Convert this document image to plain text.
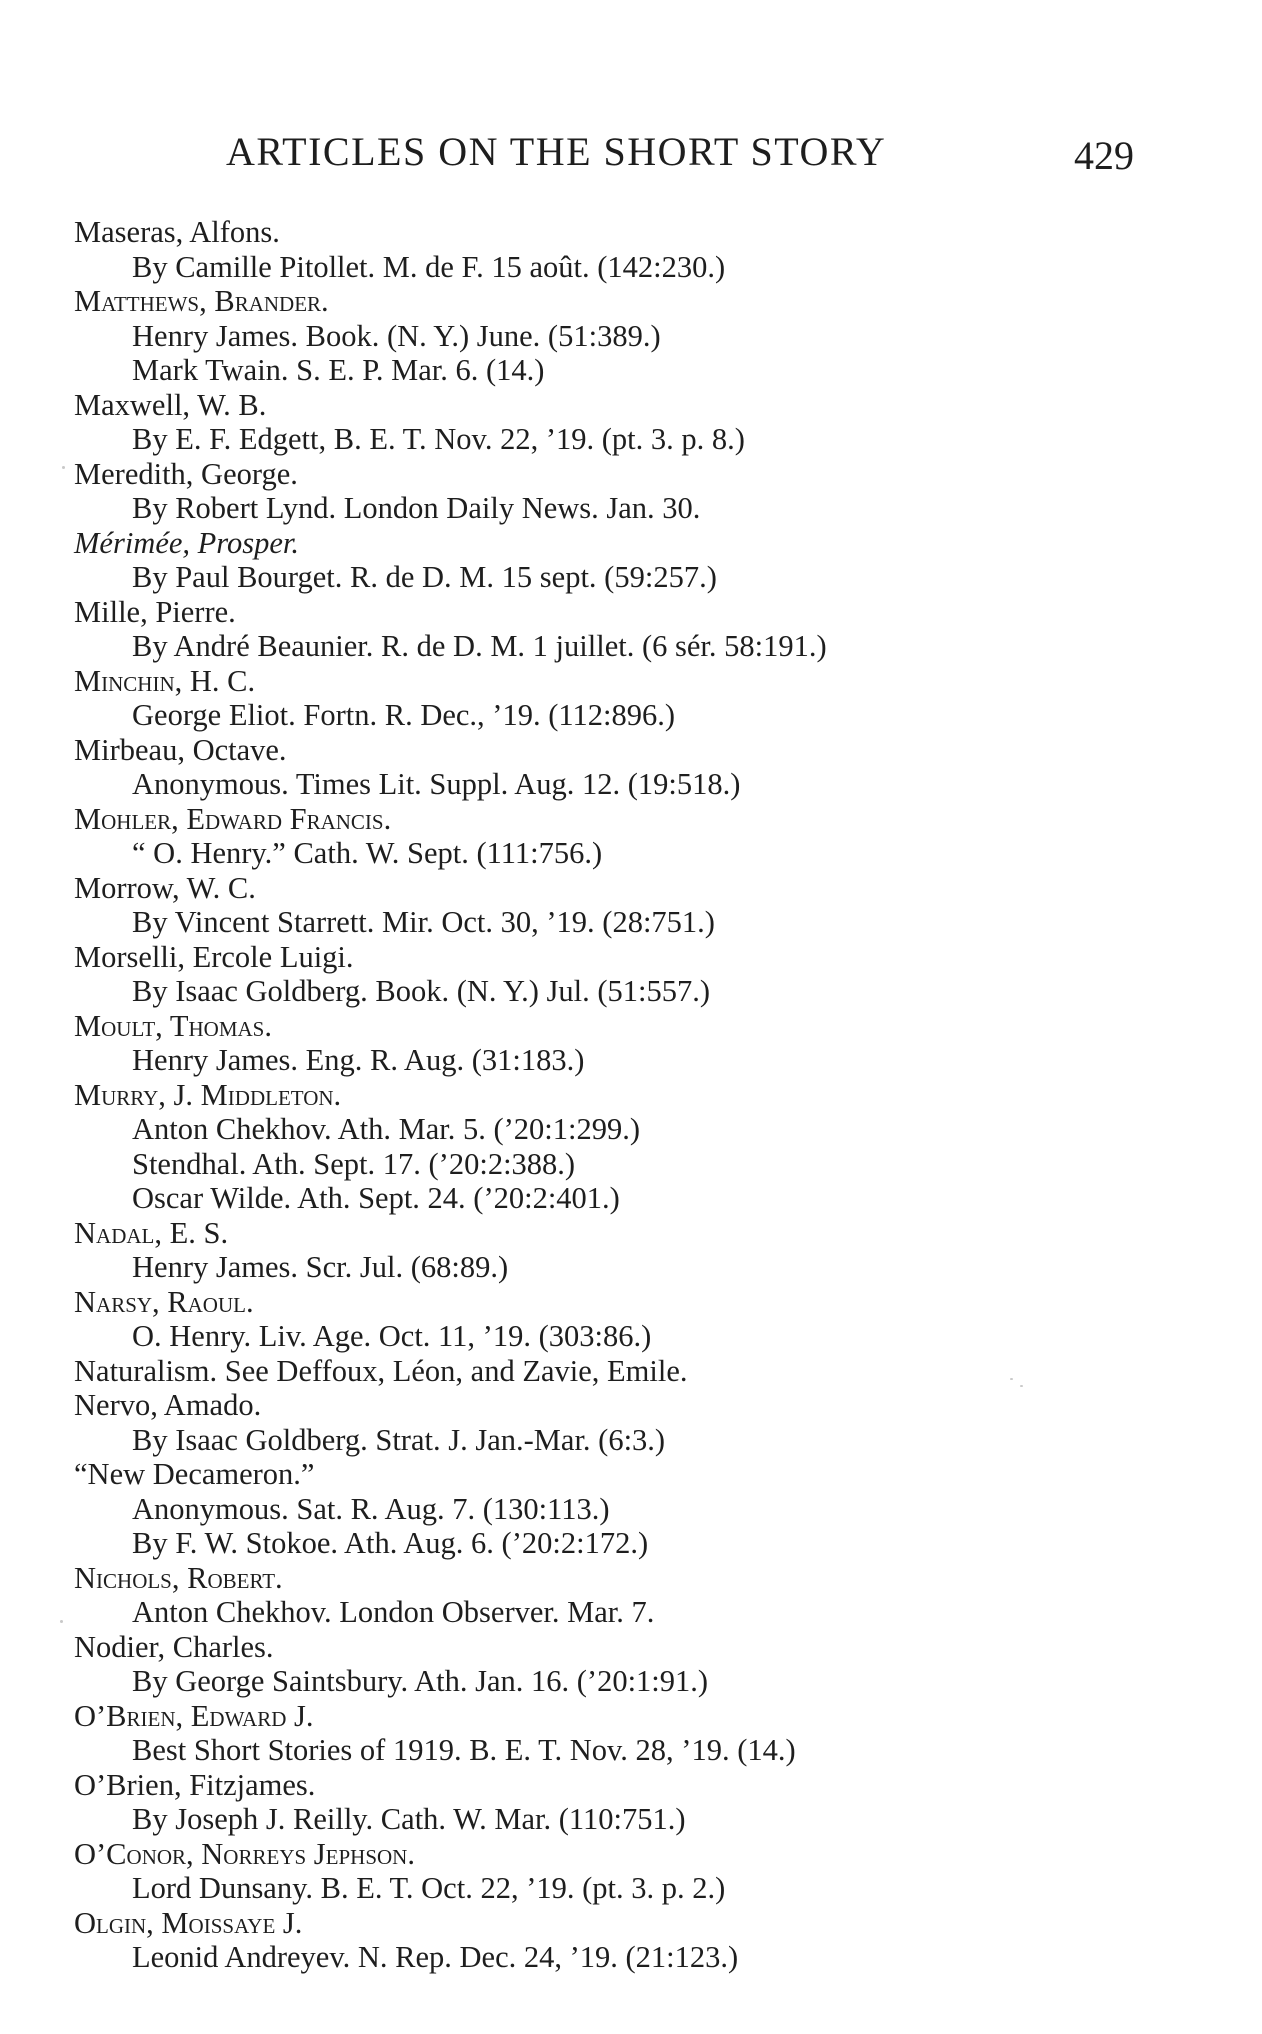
ARTICLES ON THE SHORT STORY	429
Maseras, Alfons.
By Camille Pitollet. M. de F. 15 août. (142:230.)
Matthews, Brander.
Henry James. Book. (N. Y.) June. (51:389.)
Mark Twain. S. E. P. Mar. 6. (14.)
Maxwell, W. B.
By E. F. Edgett, B. E. T. Nov. 22, ’19. (pt. 3. p. 8.)
Meredith, George.
By Robert Lynd. London Daily News. Jan. 30.
Mérimée, Prosper.
By Paul Bourget. R. de D. M. 15 sept. (59:257.)
Mille, Pierre.
By André Beaunier. R. de D. M. 1 juillet. (6 sér. 58:191.)
Minchin, H. C.
George Eliot. Fortn. R. Dec., ’19. (112:896.)
Mirbeau, Octave.
Anonymous. Times Lit. Suppl. Aug. 12. (19:518.)
Mohler, Edward Francis.
“ O. Henry.” Cath. W. Sept. (111:756.)
Morrow, W. C.
By Vincent Starrett. Mir. Oct. 30, ’19. (28:751.)
Morselli, Ercole Luigi.
By Isaac Goldberg. Book. (N. Y.) Jul. (51:557.)
Moult, Thomas.
Henry James. Eng. R. Aug. (31:183.)
Murry, J. Middleton.
Anton Chekhov. Ath. Mar. 5. (’20:1:299.)
Stendhal. Ath. Sept. 17. (’20:2:388.)
Oscar Wilde. Ath. Sept. 24. (’20:2:401.)
Nadal, E. S.
Henry James. Scr. Jul. (68:89.)
Narsy, Raoul.
O. Henry. Liv. Age. Oct. 11, ’19. (303:86.)
Naturalism. See Deffoux, Léon, and Zavie, Emile.
Nervo, Amado.
By Isaac Goldberg. Strat. J. Jan.-Mar. (6:3.)
“New Decameron.”
Anonymous. Sat. R. Aug. 7. (130:113.)
By F. W. Stokoe. Ath. Aug. 6. (’20:2:172.)
Nichols, Robert.
Anton Chekhov. London Observer. Mar. 7.
Nodier, Charles.
By George Saintsbury. Ath. Jan. 16. (’20:1:91.)
O’Brien, Edward J.
Best Short Stories of 1919. B. E. T. Nov. 28, ’19. (14.)
O’Brien, Fitzjames.
By Joseph J. Reilly. Cath. W. Mar. (110:751.)
O’Conor, Norreys Jephson.
Lord Dunsany. B. E. T. Oct. 22, ’19. (pt. 3. p. 2.)
Olgin, Moissaye J.
Leonid Andreyev. N. Rep. Dec. 24, ’19. (21:123.)
